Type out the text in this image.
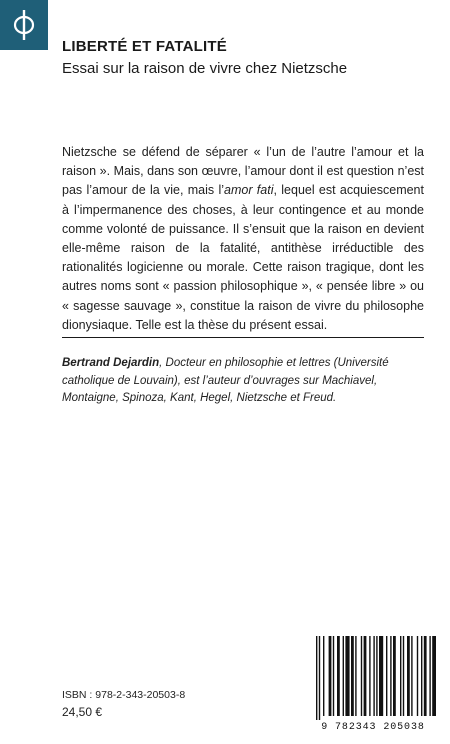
LIBERTÉ ET FATALITÉ
Essai sur la raison de vivre chez Nietzsche

Nietzsche se défend de séparer « l’un de l’autre l’amour et la raison ». Mais, dans son œuvre, l’amour dont il est question n’est pas l’amour de la vie, mais l’amor fati, lequel est acquiescement à l’impermanence des choses, à leur contingence et au monde comme volonté de puissance. Il s’ensuit que la raison en devient elle-même raison de la fatalité, antithèse irréductible des rationalités logicienne ou morale. Cette raison tragique, dont les autres noms sont « passion philosophique », « pensée libre » ou « sagesse sauvage », constitue la raison de vivre du philosophe dionysiaque. Telle est la thèse du présent essai.

Bertrand Dejardin, Docteur en philosophie et lettres (Université catholique de Louvain), est l’auteur d’ouvrages sur Machiavel, Montaigne, Spinoza, Kant, Hegel, Nietzsche et Freud.

ISBN : 978-2-343-20503-8
24,50 €
9 782343 205038
